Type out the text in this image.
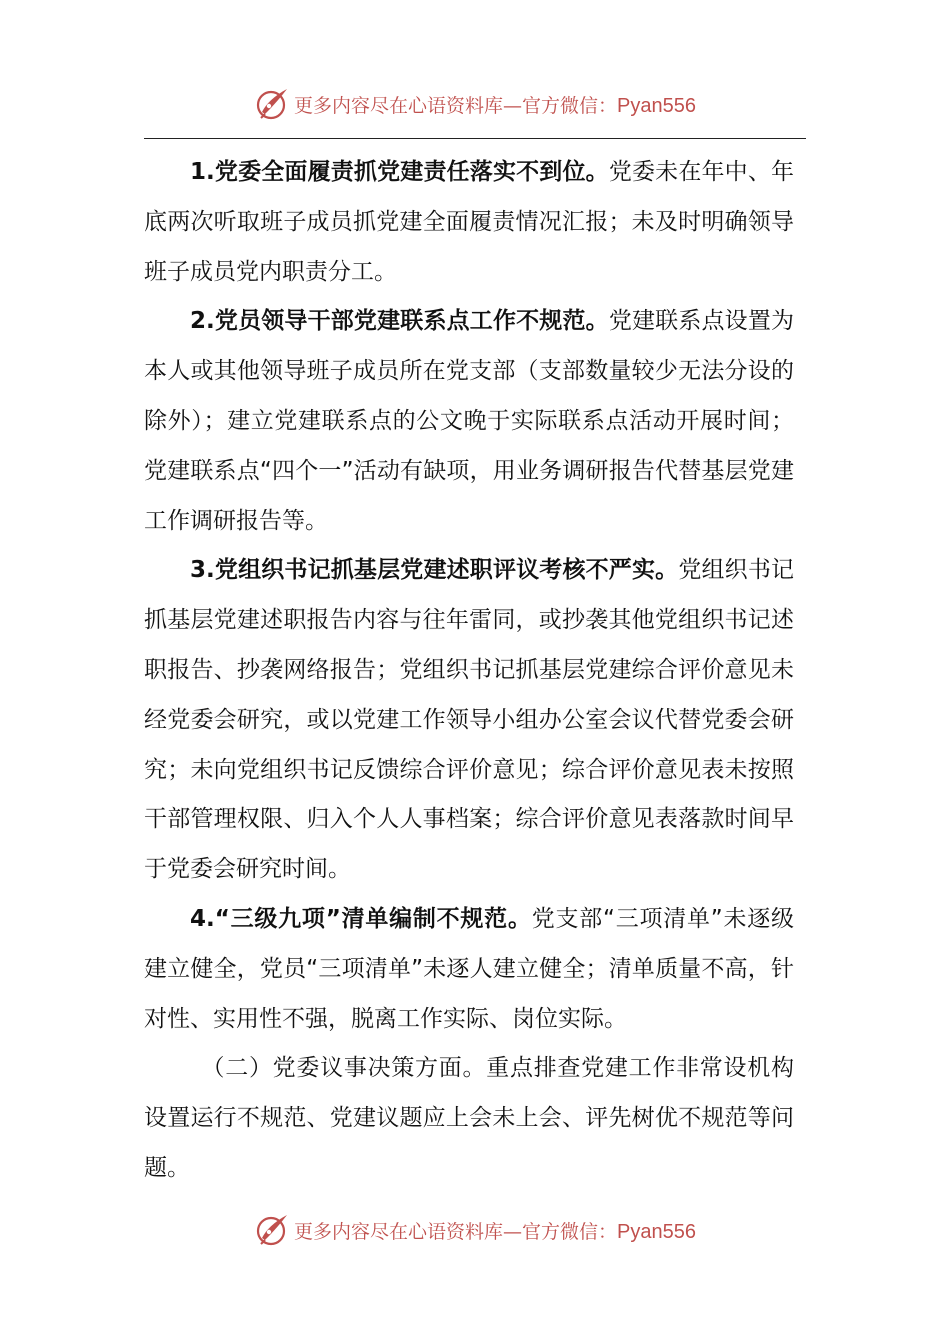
更多内容尽在心语资料库—官方微信：Pyan556

1.党委全面履责抓党建责任落实不到位。党委未在年中、年底两次听取班子成员抓党建全面履责情况汇报；未及时明确领导班子成员党内职责分工。

2.党员领导干部党建联系点工作不规范。党建联系点设置为本人或其他领导班子成员所在党支部（支部数量较少无法分设的除外）；建立党建联系点的公文晚于实际联系点活动开展时间；党建联系点“四个一”活动有缺项，用业务调研报告代替基层党建工作调研报告等。

3.党组织书记抓基层党建述职评议考核不严实。党组织书记抓基层党建述职报告内容与往年雷同，或抄袭其他党组织书记述职报告、抄袭网络报告；党组织书记抓基层党建综合评价意见未经党委会研究，或以党建工作领导小组办公室会议代替党委会研究；未向党组织书记反馈综合评价意见；综合评价意见表未按照干部管理权限、归入个人人事档案；综合评价意见表落款时间早于党委会研究时间。

4.“三级九项”清单编制不规范。党支部“三项清单”未逐级建立健全，党员“三项清单”未逐人建立健全；清单质量不高，针对性、实用性不强，脱离工作实际、岗位实际。

（二）党委议事决策方面。重点排查党建工作非常设机构设置运行不规范、党建议题应上会未上会、评先树优不规范等问题。

更多内容尽在心语资料库—官方微信：Pyan556
